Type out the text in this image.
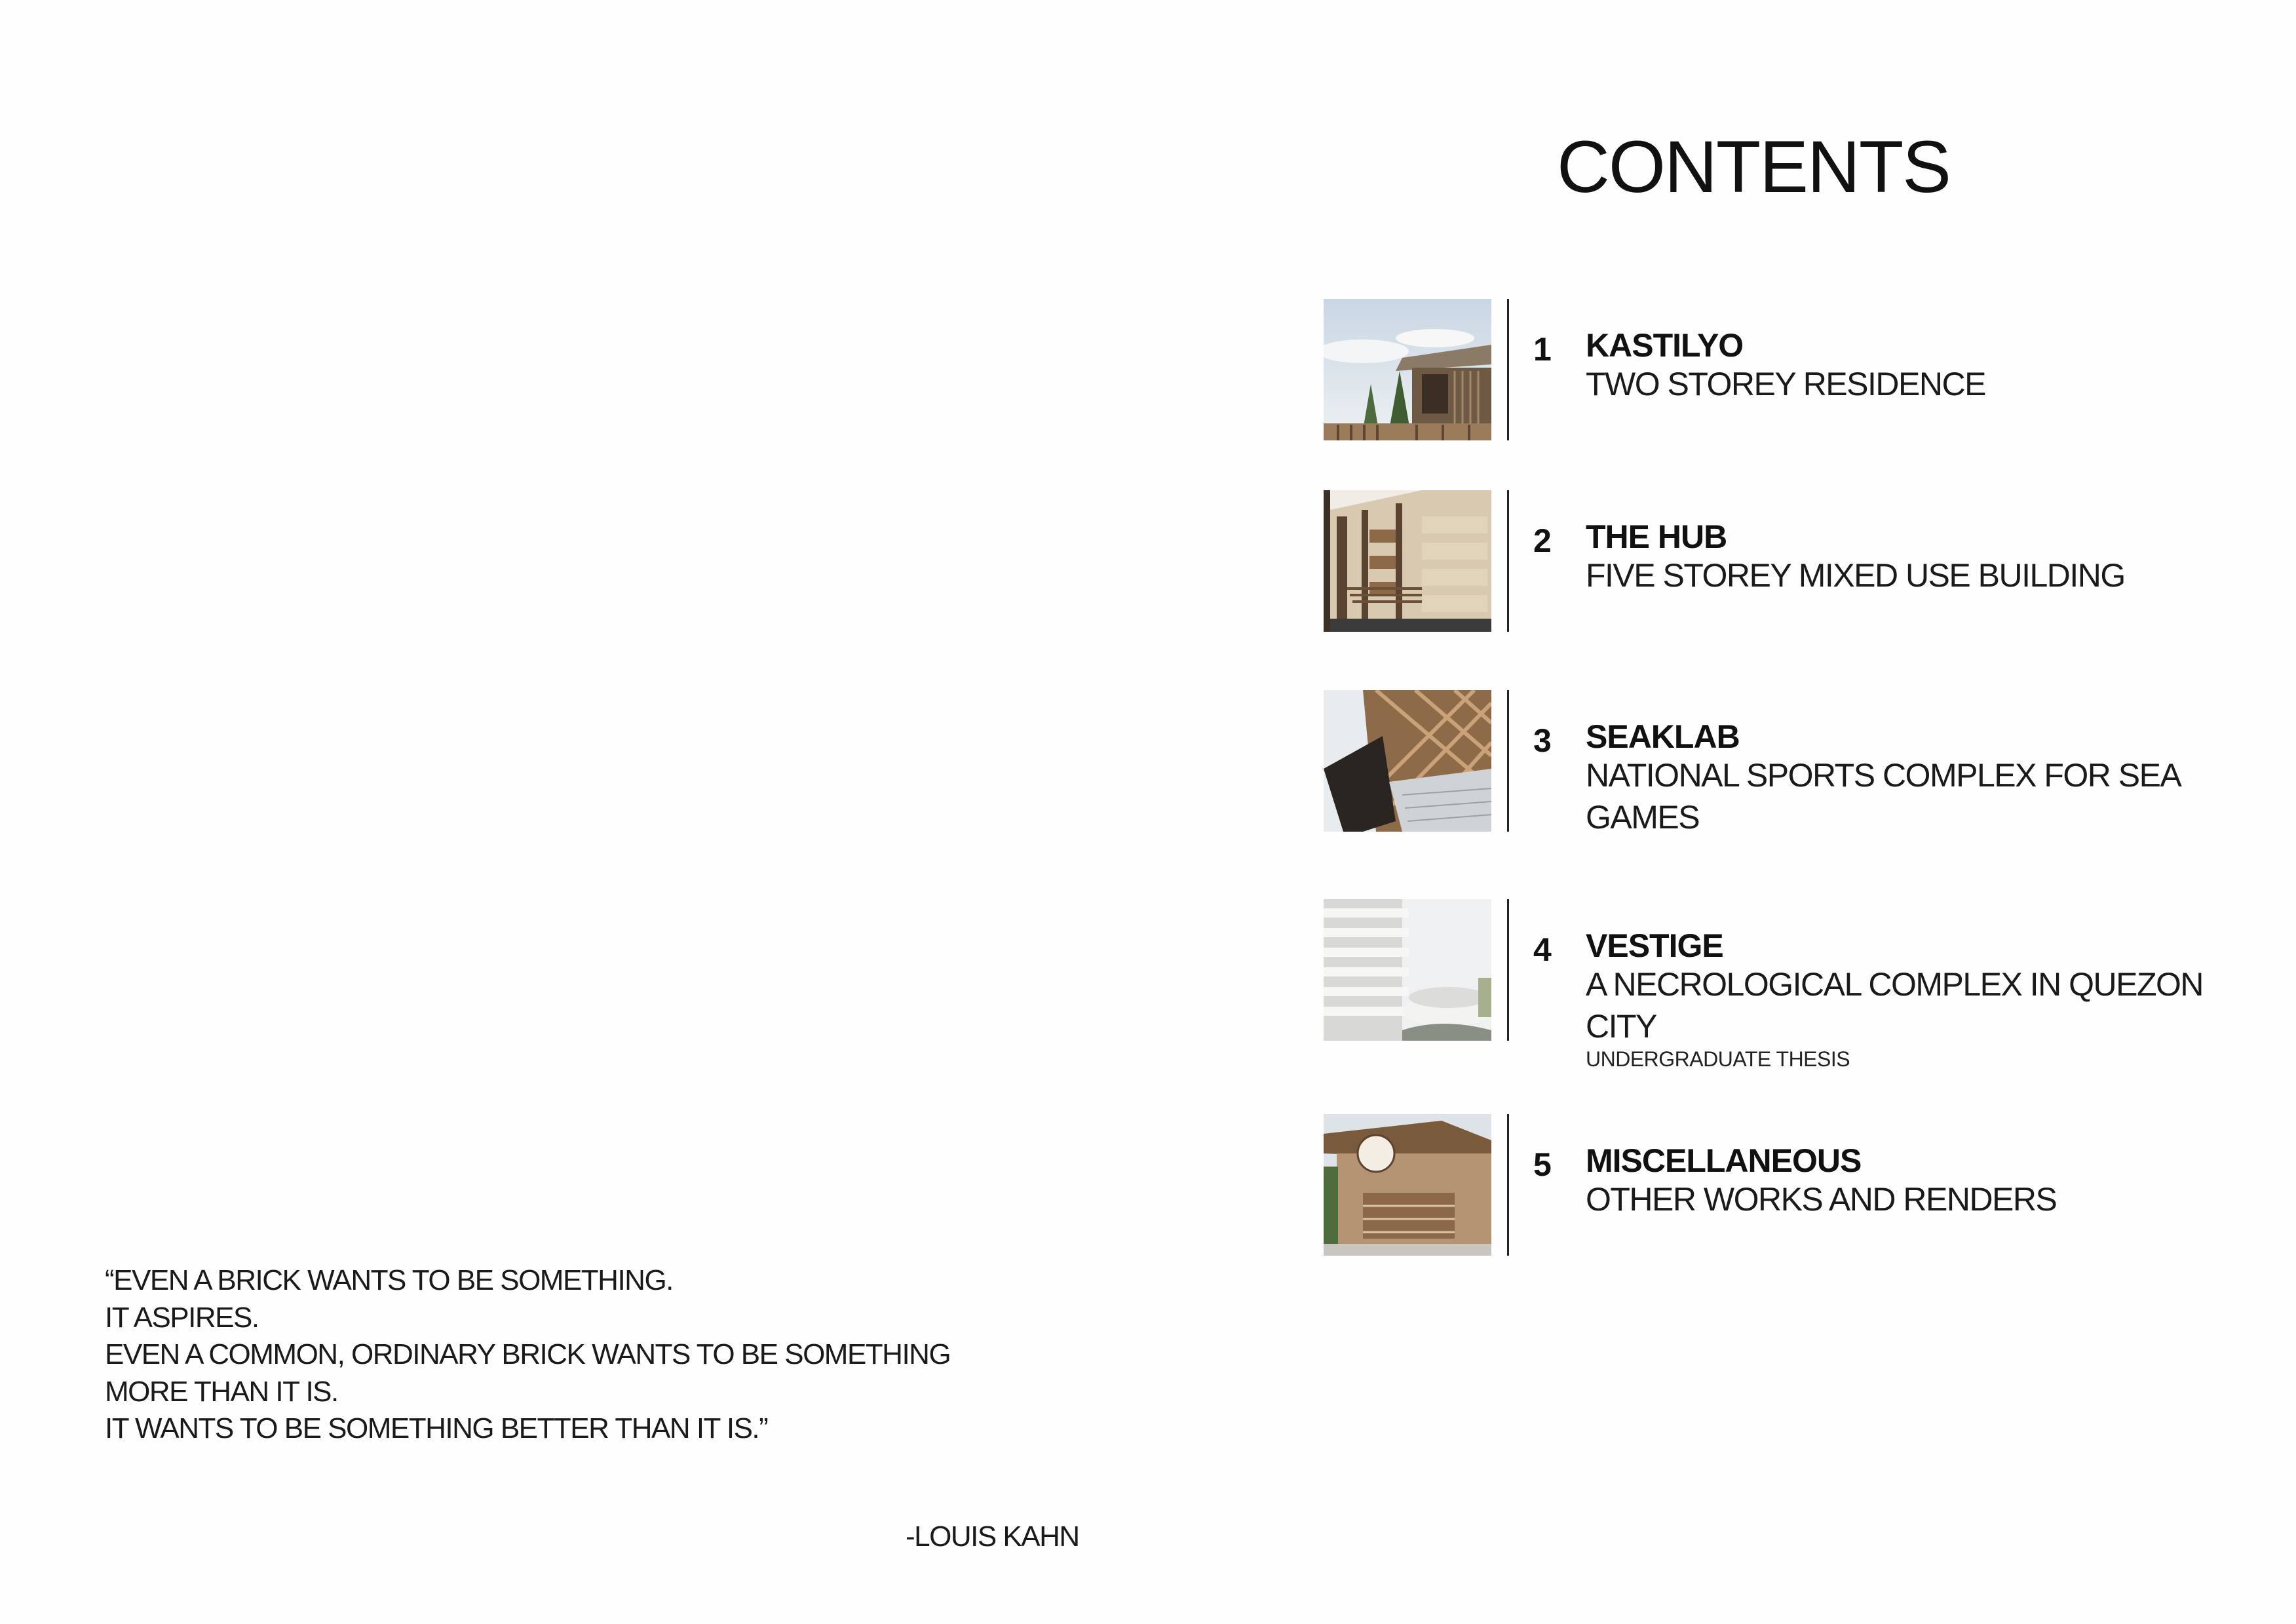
CONTENTS
1 KASTILYO
TWO STOREY RESIDENCE
2 THE HUB
FIVE STOREY MIXED USE BUILDING
3 SEAKLAB
NATIONAL SPORTS COMPLEX FOR SEA GAMES
4 VESTIGE
A NECROLOGICAL COMPLEX IN QUEZON CITY
UNDERGRADUATE THESIS
5 MISCELLANEOUS
OTHER WORKS AND RENDERS
“EVEN A BRICK WANTS TO BE SOMETHING.
IT ASPIRES.
EVEN A COMMON, ORDINARY BRICK WANTS TO BE SOMETHING
MORE THAN IT IS.
IT WANTS TO BE SOMETHING BETTER THAN IT IS.”
-LOUIS KAHN
